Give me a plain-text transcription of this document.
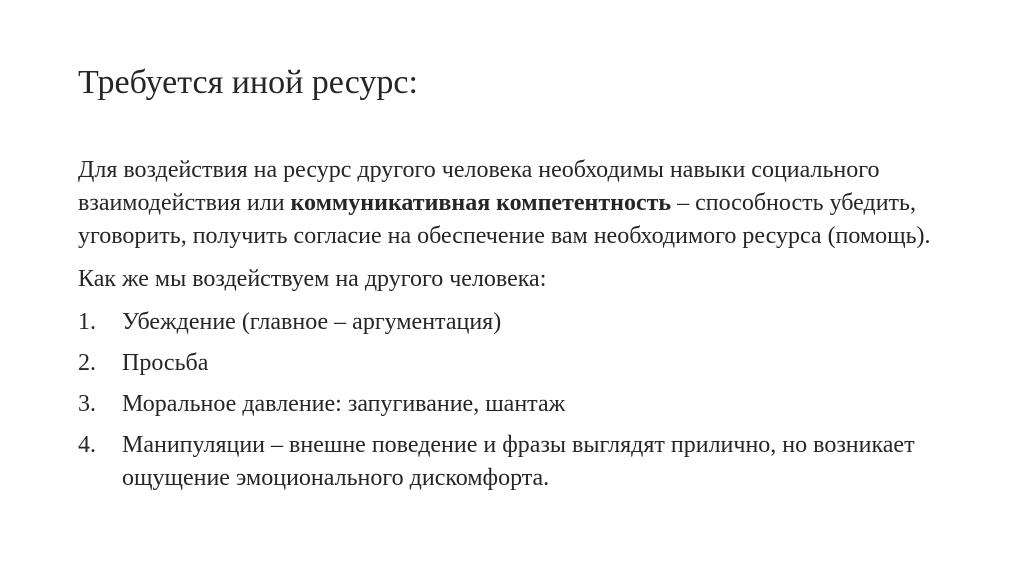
Требуется иной ресурс:

Для воздействия на ресурс другого человека необходимы навыки социального взаимодействия или коммуникативная компетентность – способность убедить, уговорить, получить согласие на обеспечение вам необходимого ресурса (помощь).

Как же мы воздействуем на другого человека:

1.	Убеждение (главное – аргументация)
2.	Просьба
3.	Моральное давление: запугивание, шантаж
4.	Манипуляции – внешне поведение и фразы выглядят прилично, но возникает ощущение эмоционального дискомфорта.
